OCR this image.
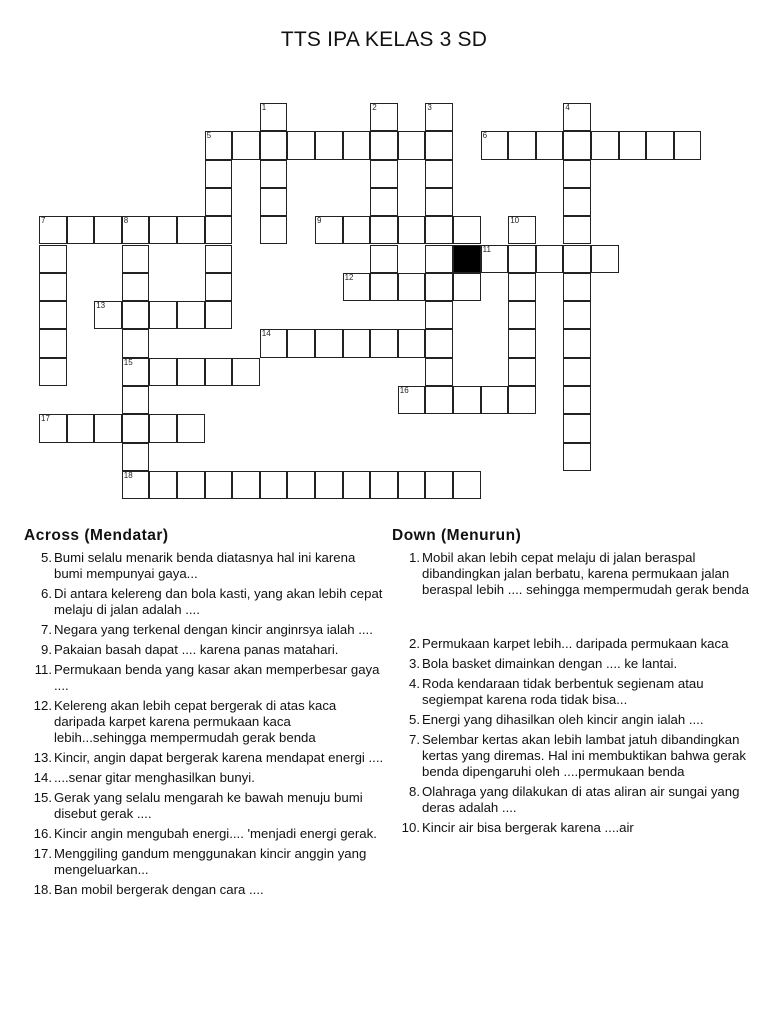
TTS IPA KELAS 3 SD
5	6
7	8	9
11
12
13
14
15
16
17
18
1	2	3	4
10
Across (Mendatar)
5. Bumi selalu menarik benda diatasnya hal ini karena bumi mempunyai gaya...
6. Di antara kelereng dan bola kasti, yang akan lebih cepat melaju di jalan adalah ....
7. Negara yang terkenal dengan kincir anginrsya ialah ....
9. Pakaian basah dapat .... karena panas matahari.
11. Permukaan benda yang kasar akan memperbesar gaya ....
12. Kelereng akan lebih cepat bergerak di atas kaca daripada karpet karena permukaan kaca lebih...sehingga mempermudah gerak benda
13. Kincir, angin dapat bergerak karena mendapat energi ....
14. ....senar gitar menghasilkan bunyi.
15. Gerak yang selalu mengarah ke bawah menuju bumi disebut gerak ....
16. Kincir angin mengubah energi.... 'menjadi energi gerak.
17. Menggiling gandum menggunakan kincir anggin yang mengeluarkan...
18. Ban mobil bergerak dengan cara ....
Down (Menurun)
1. Mobil akan lebih cepat melaju di jalan beraspal dibandingkan jalan berbatu, karena permukaan jalan beraspal lebih .... sehingga mempermudah gerak benda
2. Permukaan karpet lebih... daripada permukaan kaca
3. Bola basket dimainkan dengan .... ke lantai.
4. Roda kendaraan tidak berbentuk segienam atau segiempat karena roda tidak bisa...
5. Energi yang dihasilkan oleh kincir angin ialah ....
7. Selembar kertas akan lebih lambat jatuh dibandingkan kertas yang diremas. Hal ini membuktikan bahwa gerak benda dipengaruhi oleh ....permukaan benda
8. Olahraga yang dilakukan di atas aliran air sungai yang deras adalah ....
10. Kincir air bisa bergerak karena ....air
